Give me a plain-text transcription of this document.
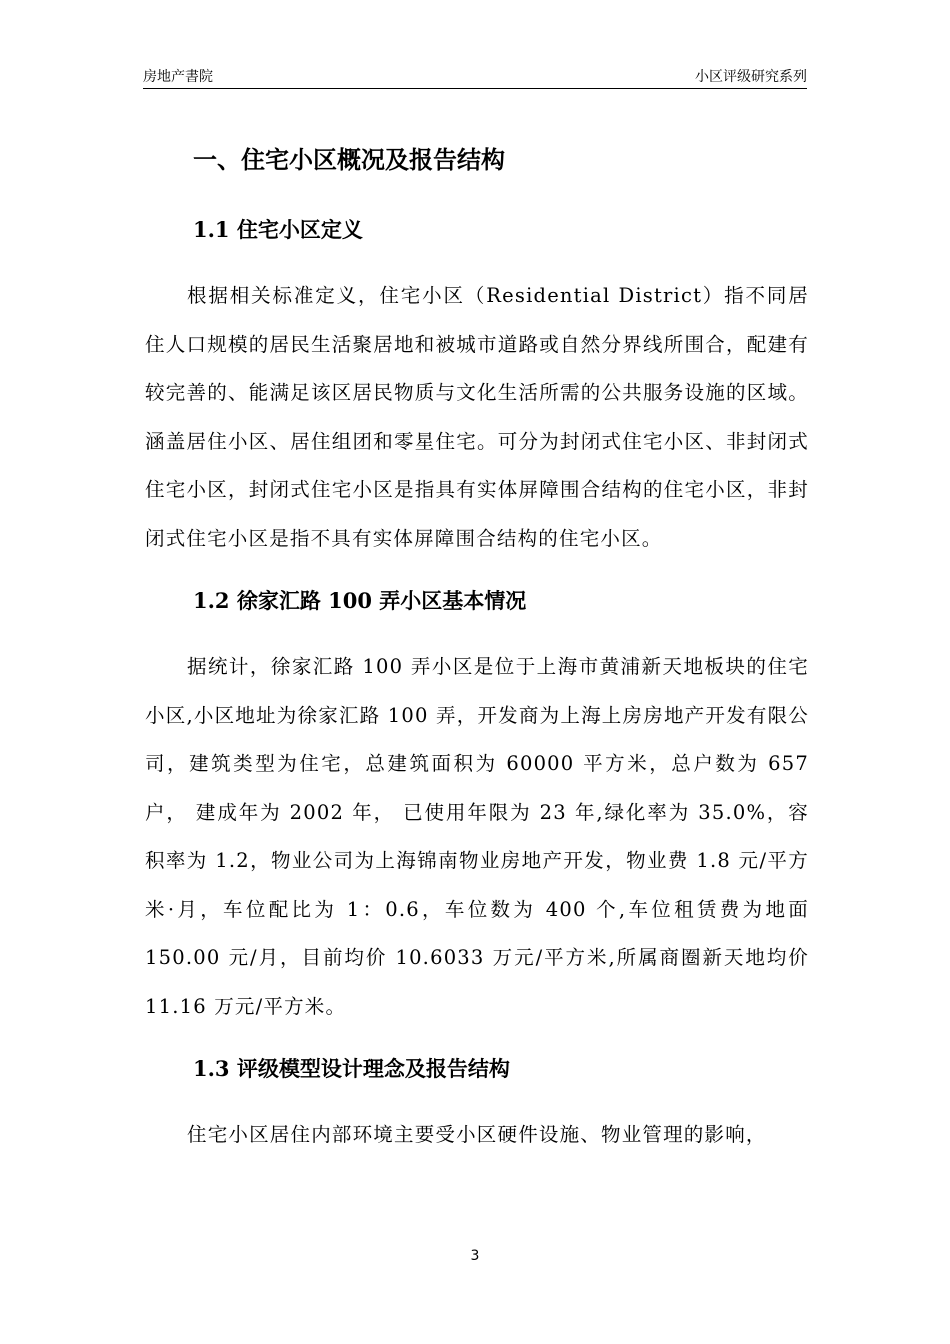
房地产書院	小区评级研究系列
一、住宅小区概况及报告结构
1.1 住宅小区定义

根据相关标准定义，住宅小区（Residential District）指不同居住人口规模的居民生活聚居地和被城市道路或自然分界线所围合，配建有较完善的、能满足该区居民物质与文化生活所需的公共服务设施的区域。涵盖居住小区、居住组团和零星住宅。可分为封闭式住宅小区、非封闭式住宅小区，封闭式住宅小区是指具有实体屏障围合结构的住宅小区，非封闭式住宅小区是指不具有实体屏障围合结构的住宅小区。

1.2 徐家汇路 100 弄小区基本情况

据统计，徐家汇路 100 弄小区是位于上海市黄浦新天地板块的住宅小区,小区地址为徐家汇路 100 弄，开发商为上海上房房地产开发有限公司，建筑类型为住宅，总建筑面积为 60000 平方米，总户数为 657 户， 建成年为 2002 年， 已使用年限为 23 年,绿化率为 35.0%，容积率为 1.2，物业公司为上海锦南物业房地产开发，物业费 1.8 元/平方米·月，车位配比为 1：0.6，车位数为 400 个,车位租赁费为地面 150.00 元/月，目前均价 10.6033 万元/平方米,所属商圈新天地均价 11.16 万元/平方米。

1.3 评级模型设计理念及报告结构

住宅小区居住内部环境主要受小区硬件设施、物业管理的影响，

3
